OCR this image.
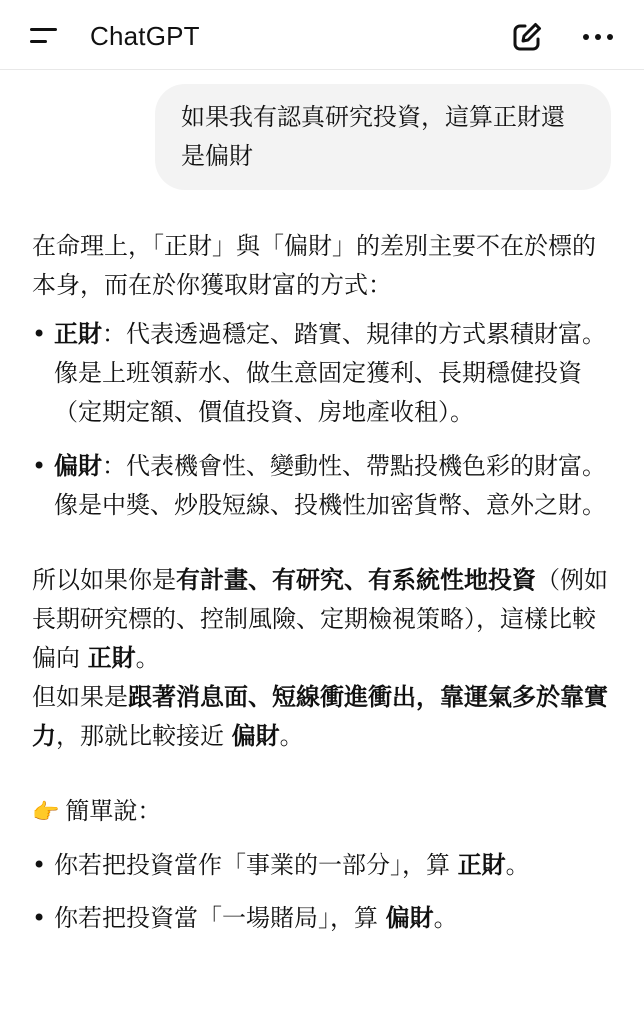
ChatGPT
如果我有認真研究投資，這算正財還是偏財

在命理上，「正財」與「偏財」的差別主要不在於標的本身，而在於你獲取財富的方式：

• 正財：代表透過穩定、踏實、規律的方式累積財富。像是上班領薪水、做生意固定獲利、長期穩健投資（定期定額、價值投資、房地產收租）。
• 偏財：代表機會性、變動性、帶點投機色彩的財富。像是中獎、炒股短線、投機性加密貨幣、意外之財。

所以如果你是有計畫、有研究、有系統性地投資（例如長期研究標的、控制風險、定期檢視策略），這樣比較偏向 正財。

但如果是跟著消息面、短線衝進衝出，靠運氣多於靠實力，那就比較接近 偏財。

👉 簡單說：

• 你若把投資當作「事業的一部分」，算 正財。
• 你若把投資當「一場賭局」，算 偏財。
